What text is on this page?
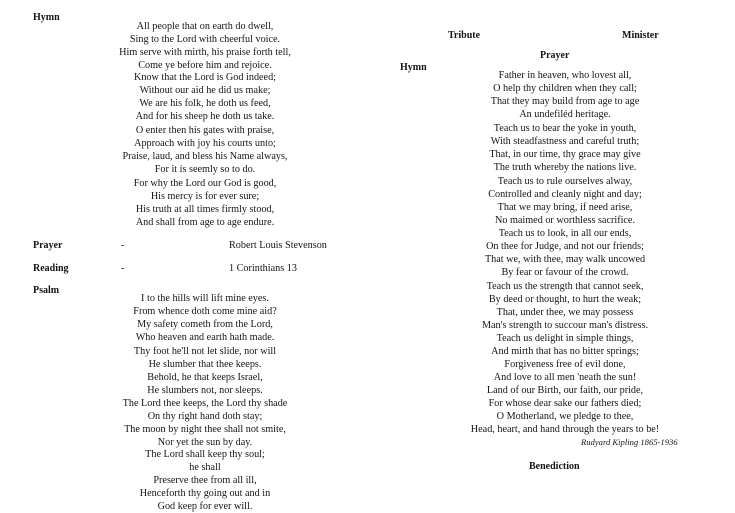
Hymn
All people that on earth do dwell,
Sing to the Lord with cheerful voice.
Him serve with mirth, his praise forth tell,
Come ye before him and rejoice.
Know that the Lord is God indeed;
Without our aid he did us make;
We are his folk, he doth us feed,
And for his sheep he doth us take.
O enter then his gates with praise,
Approach with joy his courts unto;
Praise, laud, and bless his Name always,
For it is seemly so to do.
For why the Lord our God is good,
His mercy is for ever sure;
His truth at all times firmly stood,
And shall from age to age endure.
Prayer	-	Robert Louis Stevenson
Reading	-	1 Corinthians 13
Psalm
I to the hills will lift mine eyes.
From whence doth come mine aid?
My safety cometh from the Lord,
Who heaven and earth hath made.
Thy foot he'll not let slide, nor will
He slumber that thee keeps.
Behold, he that keeps Israel,
He slumbers not, nor sleeps.
The Lord thee keeps, the Lord thy shade
On thy right hand doth stay;
The moon by night thee shall not smite,
Nor yet the sun by day.
The Lord shall keep thy soul;
he shall
Preserve thee from all ill,
Henceforth thy going out and in
God keep for ever will.
Tribute	Minister
Prayer
Hymn
Father in heaven, who lovest all,
O help thy children when they call;
That they may build from age to age
An undefiléd heritage.
Teach us to bear the yoke in youth,
With steadfastness and careful truth;
That, in our time, thy grace may give
The truth whereby the nations live.
Teach us to rule ourselves alway,
Controlled and cleanly night and day;
That we may bring, if need arise,
No maimed or worthless sacrifice.
Teach us to look, in all our ends,
On thee for Judge, and not our friends;
That we, with thee, may walk uncowed
By fear or favour of the crowd.
Teach us the strength that cannot seek,
By deed or thought, to hurt the weak;
That, under thee, we may possess
Man's strength to succour man's distress.
Teach us delight in simple things,
And mirth that has no bitter springs;
Forgiveness free of evil done,
And love to all men 'neath the sun!
Land of our Birth, our faith, our pride,
For whose dear sake our fathers died;
O Motherland, we pledge to thee,
Head, heart, and hand through the years to be!
Rudyard Kipling 1865-1936
Benediction
